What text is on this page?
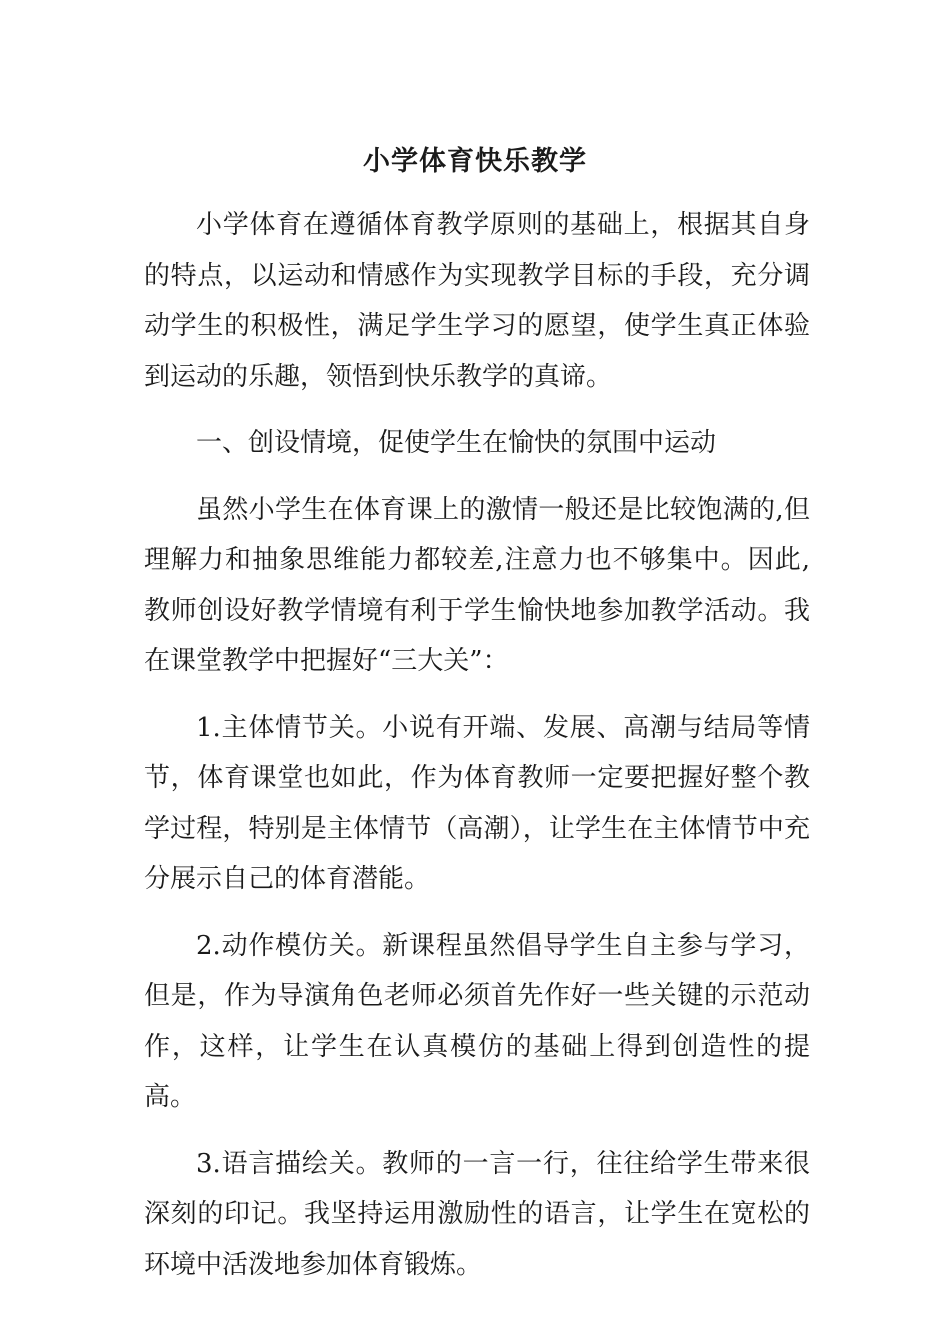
小学体育快乐教学

小学体育在遵循体育教学原则的基础上，根据其自身的特点，以运动和情感作为实现教学目标的手段，充分调动学生的积极性，满足学生学习的愿望，使学生真正体验到运动的乐趣，领悟到快乐教学的真谛。

一、创设情境，促使学生在愉快的氛围中运动

虽然小学生在体育课上的激情一般还是比较饱满的,但理解力和抽象思维能力都较差,注意力也不够集中。因此,教师创设好教学情境有利于学生愉快地参加教学活动。我在课堂教学中把握好“三大关”：

1.主体情节关。小说有开端、发展、高潮与结局等情节，体育课堂也如此，作为体育教师一定要把握好整个教学过程，特别是主体情节（高潮），让学生在主体情节中充分展示自己的体育潜能。

2.动作模仿关。新课程虽然倡导学生自主参与学习，但是，作为导演角色老师必须首先作好一些关键的示范动作，这样，让学生在认真模仿的基础上得到创造性的提高。

3.语言描绘关。教师的一言一行，往往给学生带来很深刻的印记。我坚持运用激励性的语言，让学生在宽松的环境中活泼地参加体育锻炼。
